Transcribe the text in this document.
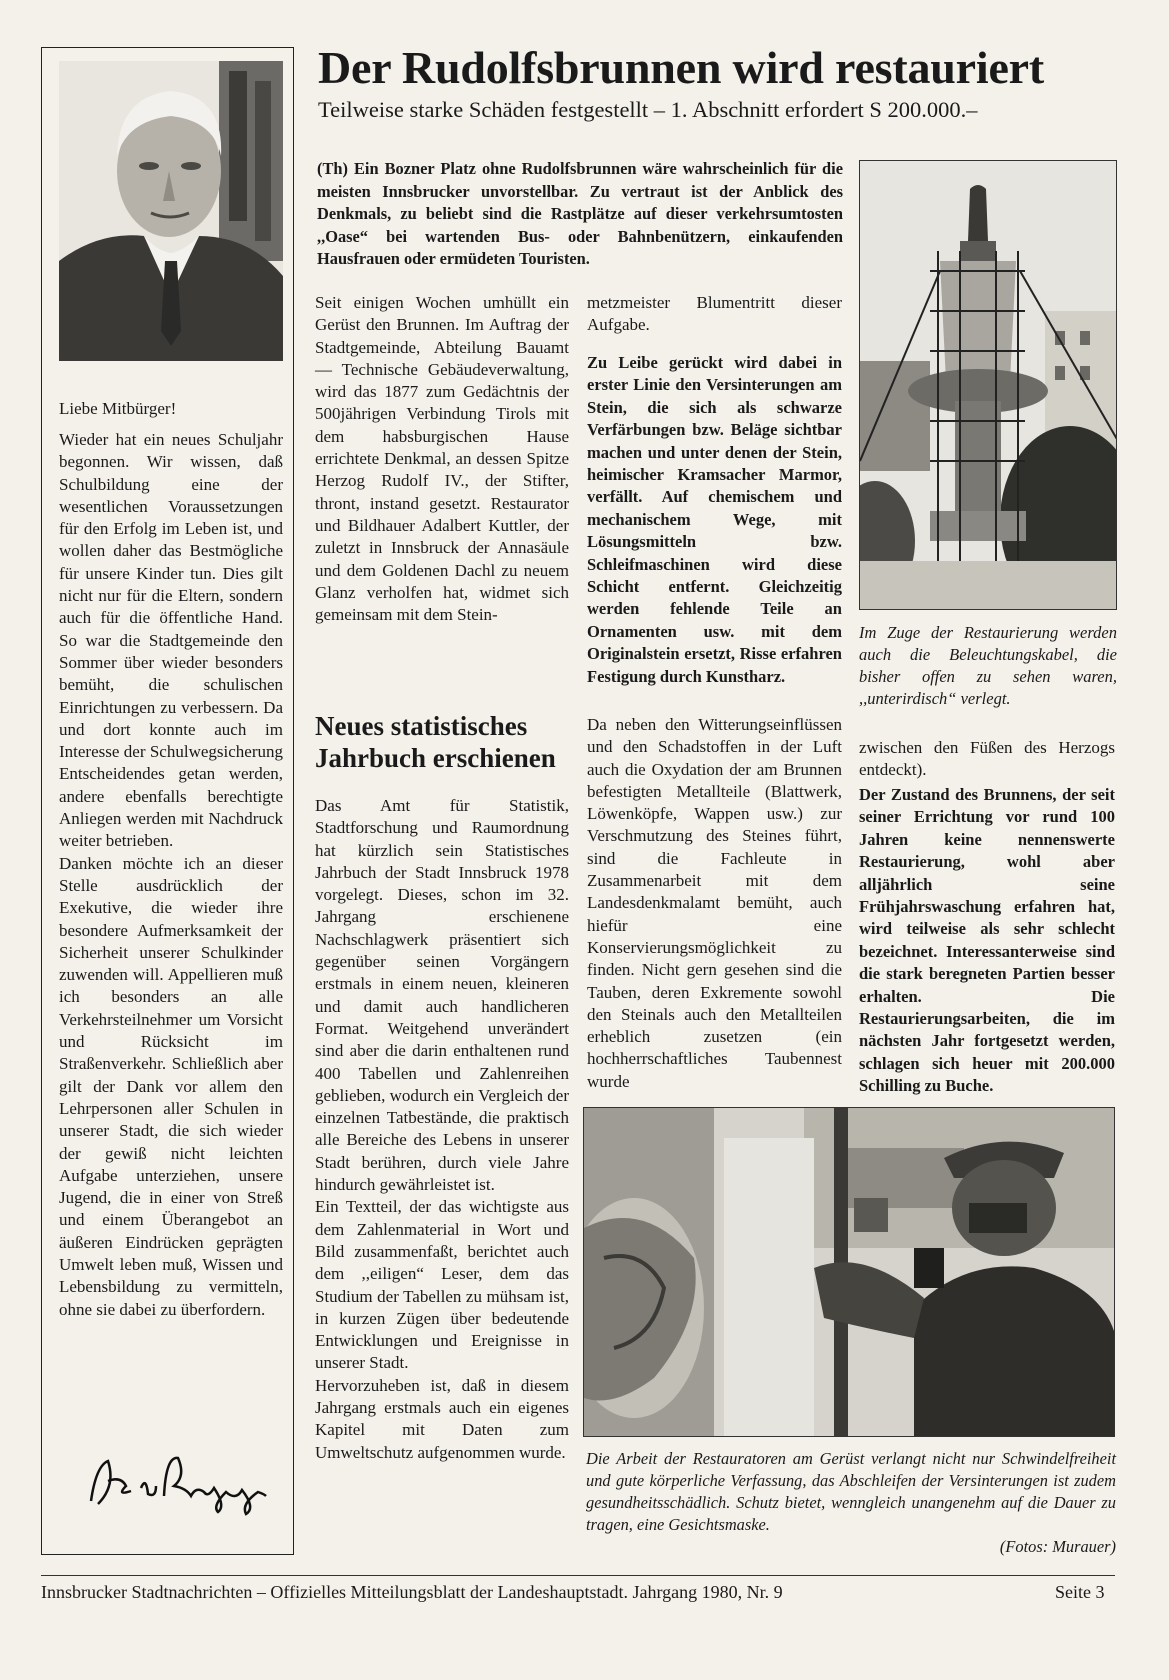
Liebe Mitbürger!

Wieder hat ein neues Schuljahr begonnen. Wir wissen, daß Schulbildung eine der wesentlichen Voraussetzungen für den Erfolg im Leben ist, und wollen daher das Bestmögliche für unsere Kinder tun. Dies gilt nicht nur für die Eltern, sondern auch für die öffentliche Hand. So war die Stadtgemeinde den Sommer über wieder besonders bemüht, die schulischen Einrichtungen zu verbessern. Da und dort konnte auch im Interesse der Schulwegsicherung Entscheidendes getan werden, andere ebenfalls berechtigte Anliegen werden mit Nachdruck weiter betrieben.

Danken möchte ich an dieser Stelle ausdrücklich der Exekutive, die wieder ihre besondere Aufmerksamkeit der Sicherheit unserer Schulkinder zuwenden will. Appellieren muß ich besonders an alle Verkehrsteilnehmer um Vorsicht und Rücksicht im Straßenverkehr. Schließlich aber gilt der Dank vor allem den Lehrpersonen aller Schulen in unserer Stadt, die sich wieder der gewiß nicht leichten Aufgabe unterziehen, unsere Jugend, die in einer von Streß und einem Überangebot an äußeren Eindrücken geprägten Umwelt leben muß, Wissen und Lebensbildung zu vermitteln, ohne sie dabei zu überfordern.

Der Rudolfsbrunnen wird restauriert
Teilweise starke Schäden festgestellt – 1. Abschnitt erfordert S 200.000.–
(Th) Ein Bozner Platz ohne Rudolfsbrunnen wäre wahrscheinlich für die meisten Innsbrucker unvorstellbar. Zu vertraut ist der Anblick des Denkmals, zu beliebt sind die Rastplätze auf dieser verkehrsumtosten ,,Oase“ bei wartenden Bus- oder Bahnbenützern, einkaufenden Hausfrauen oder ermüdeten Touristen.
Seit einigen Wochen umhüllt ein Gerüst den Brunnen. Im Auftrag der Stadtgemeinde, Abteilung Bauamt — Technische Gebäudeverwaltung, wird das 1877 zum Gedächtnis der 500jährigen Verbindung Tirols mit dem habsburgischen Hause errichtete Denkmal, an dessen Spitze Herzog Rudolf IV., der Stifter, thront, instand gesetzt. Restaurator und Bildhauer Adalbert Kuttler, der zuletzt in Innsbruck der Annasäule und dem Goldenen Dachl zu neuem Glanz verholfen hat, widmet sich gemeinsam mit dem Stein-
metzmeister Blumentritt dieser Aufgabe.
Zu Leibe gerückt wird dabei in erster Linie den Versinterungen am Stein, die sich als schwarze Verfärbungen bzw. Beläge sichtbar machen und unter denen der Stein, heimischer Kramsacher Marmor, verfällt. Auf chemischem und mechanischem Wege, mit Lösungsmitteln bzw. Schleifmaschinen wird diese Schicht entfernt. Gleichzeitig werden fehlende Teile an Ornamenten usw. mit dem Originalstein ersetzt, Risse erfahren Festigung durch Kunstharz.
Da neben den Witterungseinflüssen und den Schadstoffen in der Luft auch die Oxydation der am Brunnen befestigten Metallteile (Blattwerk, Löwenköpfe, Wappen usw.) zur Verschmutzung des Steines führt, sind die Fachleute in Zusammenarbeit mit dem Landesdenkmalamt bemüht, auch hiefür eine Konservierungsmöglichkeit zu finden. Nicht gern gesehen sind die Tauben, deren Exkremente sowohl den Steinals auch den Metallteilen erheblich zusetzen (ein hochherrschaftliches Taubennest wurde
zwischen den Füßen des Herzogs entdeckt).
Der Zustand des Brunnens, der seit seiner Errichtung vor rund 100 Jahren keine nennenswerte Restaurierung, wohl aber alljährlich seine Frühjahrswaschung erfahren hat, wird teilweise als sehr schlecht bezeichnet. Interessanterweise sind die stark beregneten Partien besser erhalten. Die Restaurierungsarbeiten, die im nächsten Jahr fortgesetzt werden, schlagen sich heuer mit 200.000 Schilling zu Buche.
Neues statistisches Jahrbuch erschienen

Das Amt für Statistik, Stadtforschung und Raumordnung hat kürzlich sein Statistisches Jahrbuch der Stadt Innsbruck 1978 vorgelegt. Dieses, schon im 32. Jahrgang erschienene Nachschlagwerk präsentiert sich gegenüber seinen Vorgängern erstmals in einem neuen, kleineren und damit auch handlicheren Format. Weitgehend unverändert sind aber die darin enthaltenen rund 400 Tabellen und Zahlenreihen geblieben, wodurch ein Vergleich der einzelnen Tatbestände, die praktisch alle Bereiche des Lebens in unserer Stadt berühren, durch viele Jahre hindurch gewährleistet ist.

Ein Textteil, der das wichtigste aus dem Zahlenmaterial in Wort und Bild zusammenfaßt, berichtet auch dem ,,eiligen“ Leser, dem das Studium der Tabellen zu mühsam ist, in kurzen Zügen über bedeutende Entwicklungen und Ereignisse in unserer Stadt.

Hervorzuheben ist, daß in diesem Jahrgang erstmals auch ein eigenes Kapitel mit Daten zum Umweltschutz aufgenommen wurde.

Im Zuge der Restaurierung werden auch die Beleuchtungskabel, die bisher offen zu sehen waren, ,,unterirdisch“ verlegt.
Die Arbeit der Restauratoren am Gerüst verlangt nicht nur Schwindelfreiheit und gute körperliche Verfassung, das Abschleifen der Versinterungen ist zudem gesundheitsschädlich. Schutz bietet, wenngleich unangenehm auf die Dauer zu tragen, eine Gesichtsmaske.
(Fotos: Murauer)
Innsbrucker Stadtnachrichten – Offizielles Mitteilungsblatt der Landeshauptstadt. Jahrgang 1980, Nr. 9	Seite 3
